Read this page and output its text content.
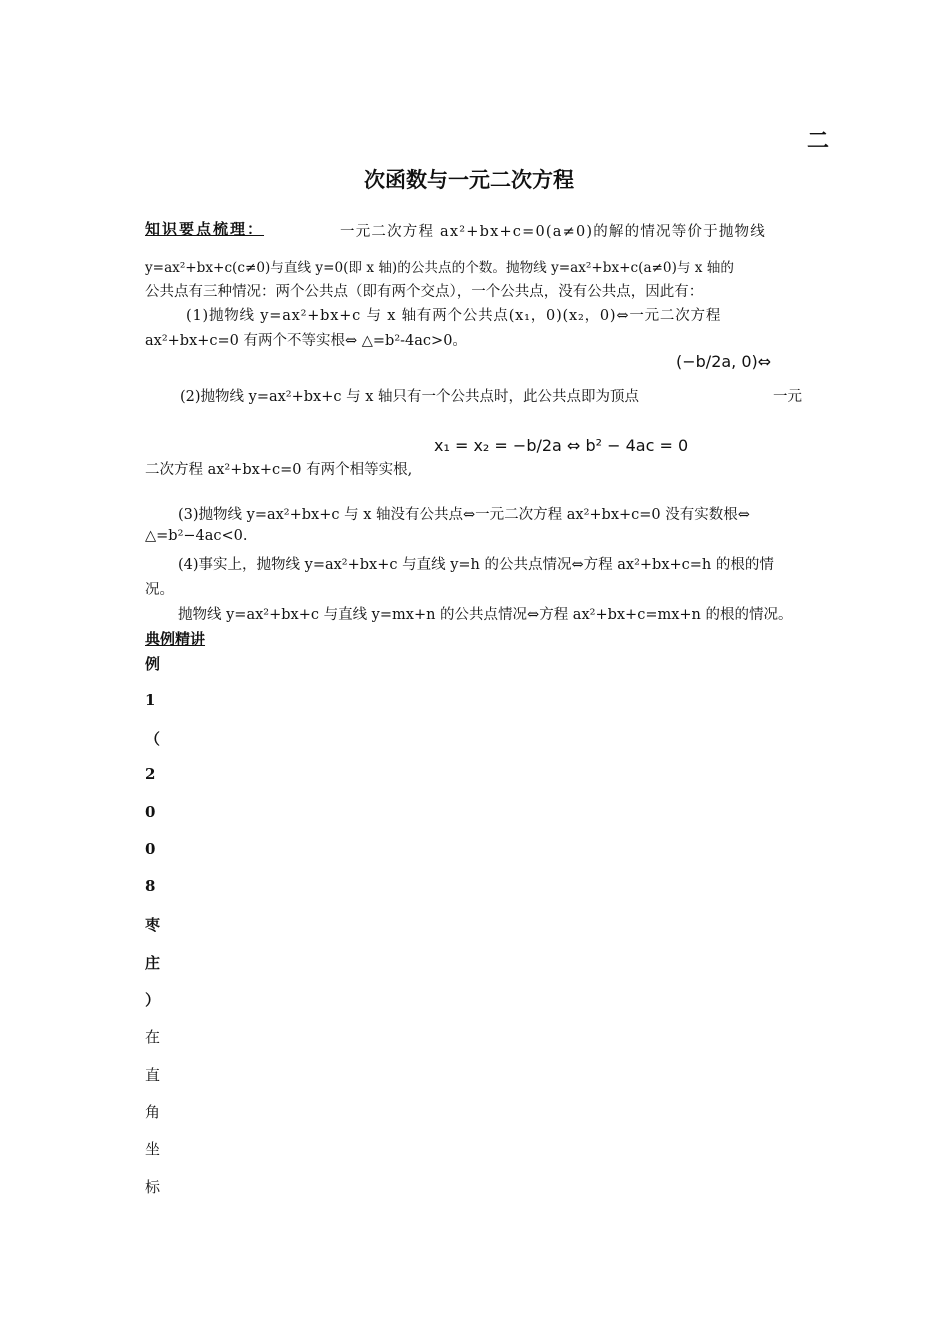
二
次函数与一元二次方程
知识要点梳理：	一元二次方程 ax²+bx+c=0(a≠0)的解的情况等价于抛物线
y=ax²+bx+c(c≠0)与直线 y=0(即 x 轴)的公共点的个数。抛物线 y=ax²+bx+c(a≠0)与 x 轴的
公共点有三种情况：两个公共点（即有两个交点），一个公共点，没有公共点，因此有：
(1)抛物线 y=ax²+bx+c 与 x 轴有两个公共点(x₁，0)(x₂，0)⇔一元二次方程
ax²+bx+c=0 有两个不等实根⇔ △=b²-4ac>0。
(2)抛物线 y=ax²+bx+c 与 x 轴只有一个公共点时，此公共点即为顶点
(−b/2a, 0)⇔
一元
二次方程 ax²+bx+c=0 有两个相等实根,
x₁ = x₂ = −b/2a ⇔ b² − 4ac = 0
(3)抛物线 y=ax²+bx+c 与 x 轴没有公共点⇔一元二次方程 ax²+bx+c=0 没有实数根⇔
△=b²−4ac<0.
(4)事实上，抛物线 y=ax²+bx+c 与直线 y=h 的公共点情况⇔方程 ax²+bx+c=h 的根的情
况。
抛物线 y=ax²+bx+c 与直线 y=mx+n 的公共点情况⇔方程 ax²+bx+c=mx+n 的根的情况。
典例精讲
例
1
（
2
0
0
8
枣
庄
）
在
直
角
坐
标
